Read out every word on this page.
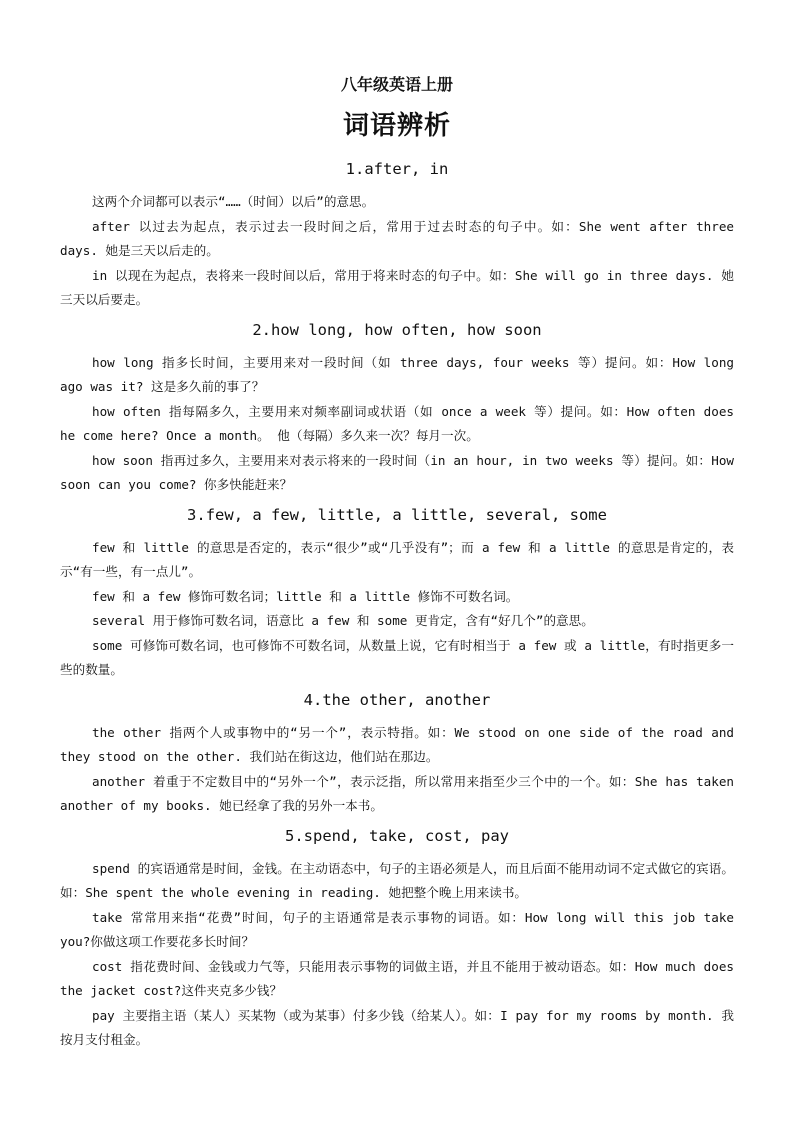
八年级英语上册
词语辨析
1.after, in

这两个介词都可以表示“……（时间）以后”的意思。

after 以过去为起点，表示过去一段时间之后，常用于过去时态的句子中。如：She went after three days. 她是三天以后走的。

in 以现在为起点，表将来一段时间以后，常用于将来时态的句子中。如：She will go in three days. 她三天以后要走。

2.how long, how often, how soon

how long 指多长时间，主要用来对一段时间（如 three days, four weeks 等）提问。如：How long ago was it? 这是多久前的事了？

how often 指每隔多久，主要用来对频率副词或状语（如 once a week 等）提问。如：How often does he come here? Once a month。 他（每隔）多久来一次？每月一次。

how soon 指再过多久，主要用来对表示将来的一段时间（in an hour, in two weeks 等）提问。如：How soon can you come? 你多快能赶来？

3.few, a few, little, a little, several, some

few 和 little 的意思是否定的，表示“很少”或“几乎没有”；而 a few 和 a little 的意思是肯定的，表示“有一些，有一点儿”。

few 和 a few 修饰可数名词；little 和 a little 修饰不可数名词。

several 用于修饰可数名词，语意比 a few 和 some 更肯定，含有“好几个”的意思。

some 可修饰可数名词，也可修饰不可数名词，从数量上说，它有时相当于 a few 或 a little，有时指更多一些的数量。

4.the other, another

the other 指两个人或事物中的“另一个”，表示特指。如：We stood on one side of the road and they stood on the other. 我们站在街这边，他们站在那边。

another 着重于不定数目中的“另外一个”，表示泛指，所以常用来指至少三个中的一个。如：She has taken another of my books. 她已经拿了我的另外一本书。

5.spend, take, cost, pay

spend 的宾语通常是时间，金钱。在主动语态中，句子的主语必须是人，而且后面不能用动词不定式做它的宾语。如：She spent the whole evening in reading. 她把整个晚上用来读书。

take 常常用来指“花费”时间，句子的主语通常是表示事物的词语。如：How long will this job take you?你做这项工作要花多长时间？

cost 指花费时间、金钱或力气等，只能用表示事物的词做主语，并且不能用于被动语态。如：How much does the jacket cost?这件夹克多少钱？

pay 主要指主语（某人）买某物（或为某事）付多少钱（给某人）。如：I pay for my rooms by month. 我按月支付租金。
